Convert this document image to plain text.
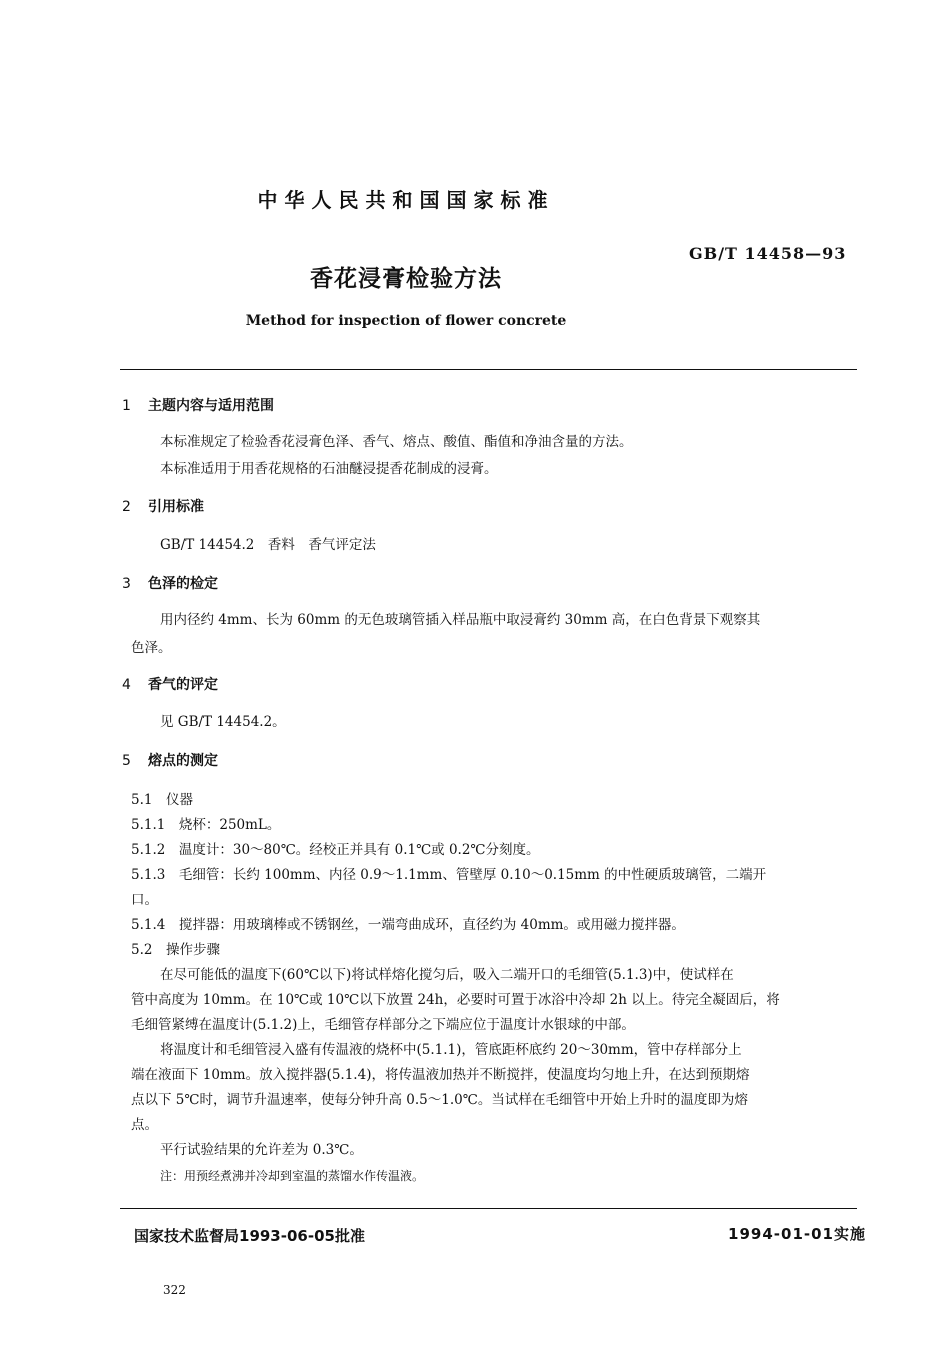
中华人民共和国国家标准
GB/T 14458—93
香花浸膏检验方法
Method for inspection of flower concrete
1 主题内容与适用范围
本标准规定了检验香花浸膏色泽、香气、熔点、酸值、酯值和净油含量的方法。
本标准适用于用香花规格的石油醚浸提香花制成的浸膏。
2 引用标准
GB/T 14454.2　香料　香气评定法
3 色泽的检定
用内径约 4mm、长为 60mm 的无色玻璃管插入样品瓶中取浸膏约 30mm 高，在白色背景下观察其
色泽。
4 香气的评定
见 GB/T 14454.2。
5 熔点的测定
5.1　仪器
5.1.1　烧杯：250mL。
5.1.2　温度计：30～80℃。经校正并具有 0.1℃或 0.2℃分刻度。
5.1.3　毛细管：长约 100mm、内径 0.9～1.1mm、管壁厚 0.10～0.15mm 的中性硬质玻璃管，二端开
口。
5.1.4　搅拌器：用玻璃棒或不锈钢丝，一端弯曲成环，直径约为 40mm。或用磁力搅拌器。
5.2　操作步骤
在尽可能低的温度下(60℃以下)将试样熔化搅匀后，吸入二端开口的毛细管(5.1.3)中，使试样在
管中高度为 10mm。在 10℃或 10℃以下放置 24h，必要时可置于冰浴中冷却 2h 以上。待完全凝固后，将
毛细管紧缚在温度计(5.1.2)上，毛细管存样部分之下端应位于温度计水银球的中部。
将温度计和毛细管浸入盛有传温液的烧杯中(5.1.1)，管底距杯底约 20～30mm，管中存样部分上
端在液面下 10mm。放入搅拌器(5.1.4)，将传温液加热并不断搅拌，使温度均匀地上升，在达到预期熔
点以下 5℃时，调节升温速率，使每分钟升高 0.5～1.0℃。当试样在毛细管中开始上升时的温度即为熔
点。
平行试验结果的允许差为 0.3℃。
注：用预经煮沸并冷却到室温的蒸馏水作传温液。
国家技术监督局1993-06-05批准	1994-01-01实施
322
